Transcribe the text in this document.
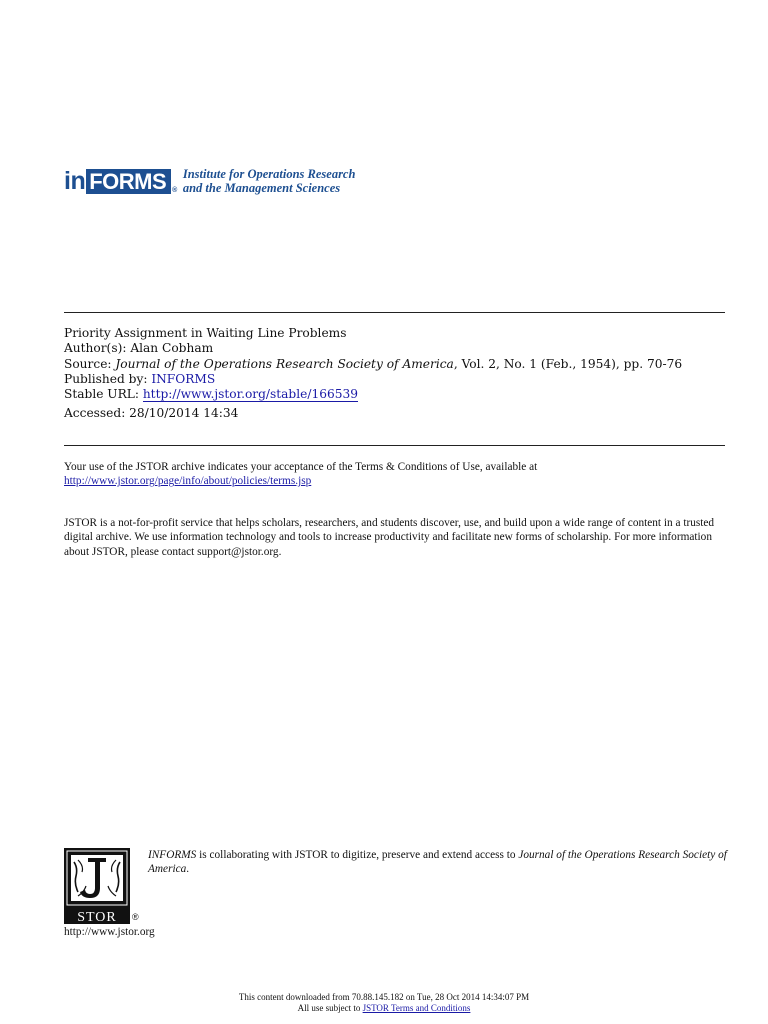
in FORMS ®
Institute for Operations Research
and the Management Sciences
Priority Assignment in Waiting Line Problems
Author(s): Alan Cobham
Source: Journal of the Operations Research Society of America, Vol. 2, No. 1 (Feb., 1954), pp. 70-76
Published by: INFORMS
Stable URL: http://www.jstor.org/stable/166539
Accessed: 28/10/2014 14:34
Your use of the JSTOR archive indicates your acceptance of the Terms & Conditions of Use, available at
http://www.jstor.org/page/info/about/policies/terms.jsp
JSTOR is a not-for-profit service that helps scholars, researchers, and students discover, use, and build upon a wide range of content in a trusted digital archive. We use information technology and tools to increase productivity and facilitate new forms of scholarship. For more information about JSTOR, please contact support@jstor.org.
STOR ®
http://www.jstor.org
INFORMS is collaborating with JSTOR to digitize, preserve and extend access to Journal of the Operations Research Society of America.
This content downloaded from 70.88.145.182 on Tue, 28 Oct 2014 14:34:07 PM
All use subject to JSTOR Terms and Conditions
